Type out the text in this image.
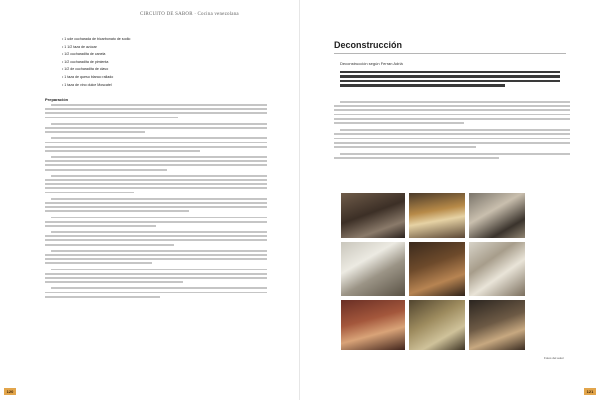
CIRCUITO DE SABOR · Cocina venezolana
• 1 ude cucharada de bicarbonato de sodio
• 1 1/2 taza de azúcar
• 1/2 cucharadita de canela
• 1/2 cucharadita de pimienta
• 1/2 de cucharadita de clavo
• 1 taza de queso blanco rallado
• 1 taza de vino dulce Moscatel
Preparación
120
Deconstrucción
Deconstrucción según Ferran Adrià
Fotos del autor
121
